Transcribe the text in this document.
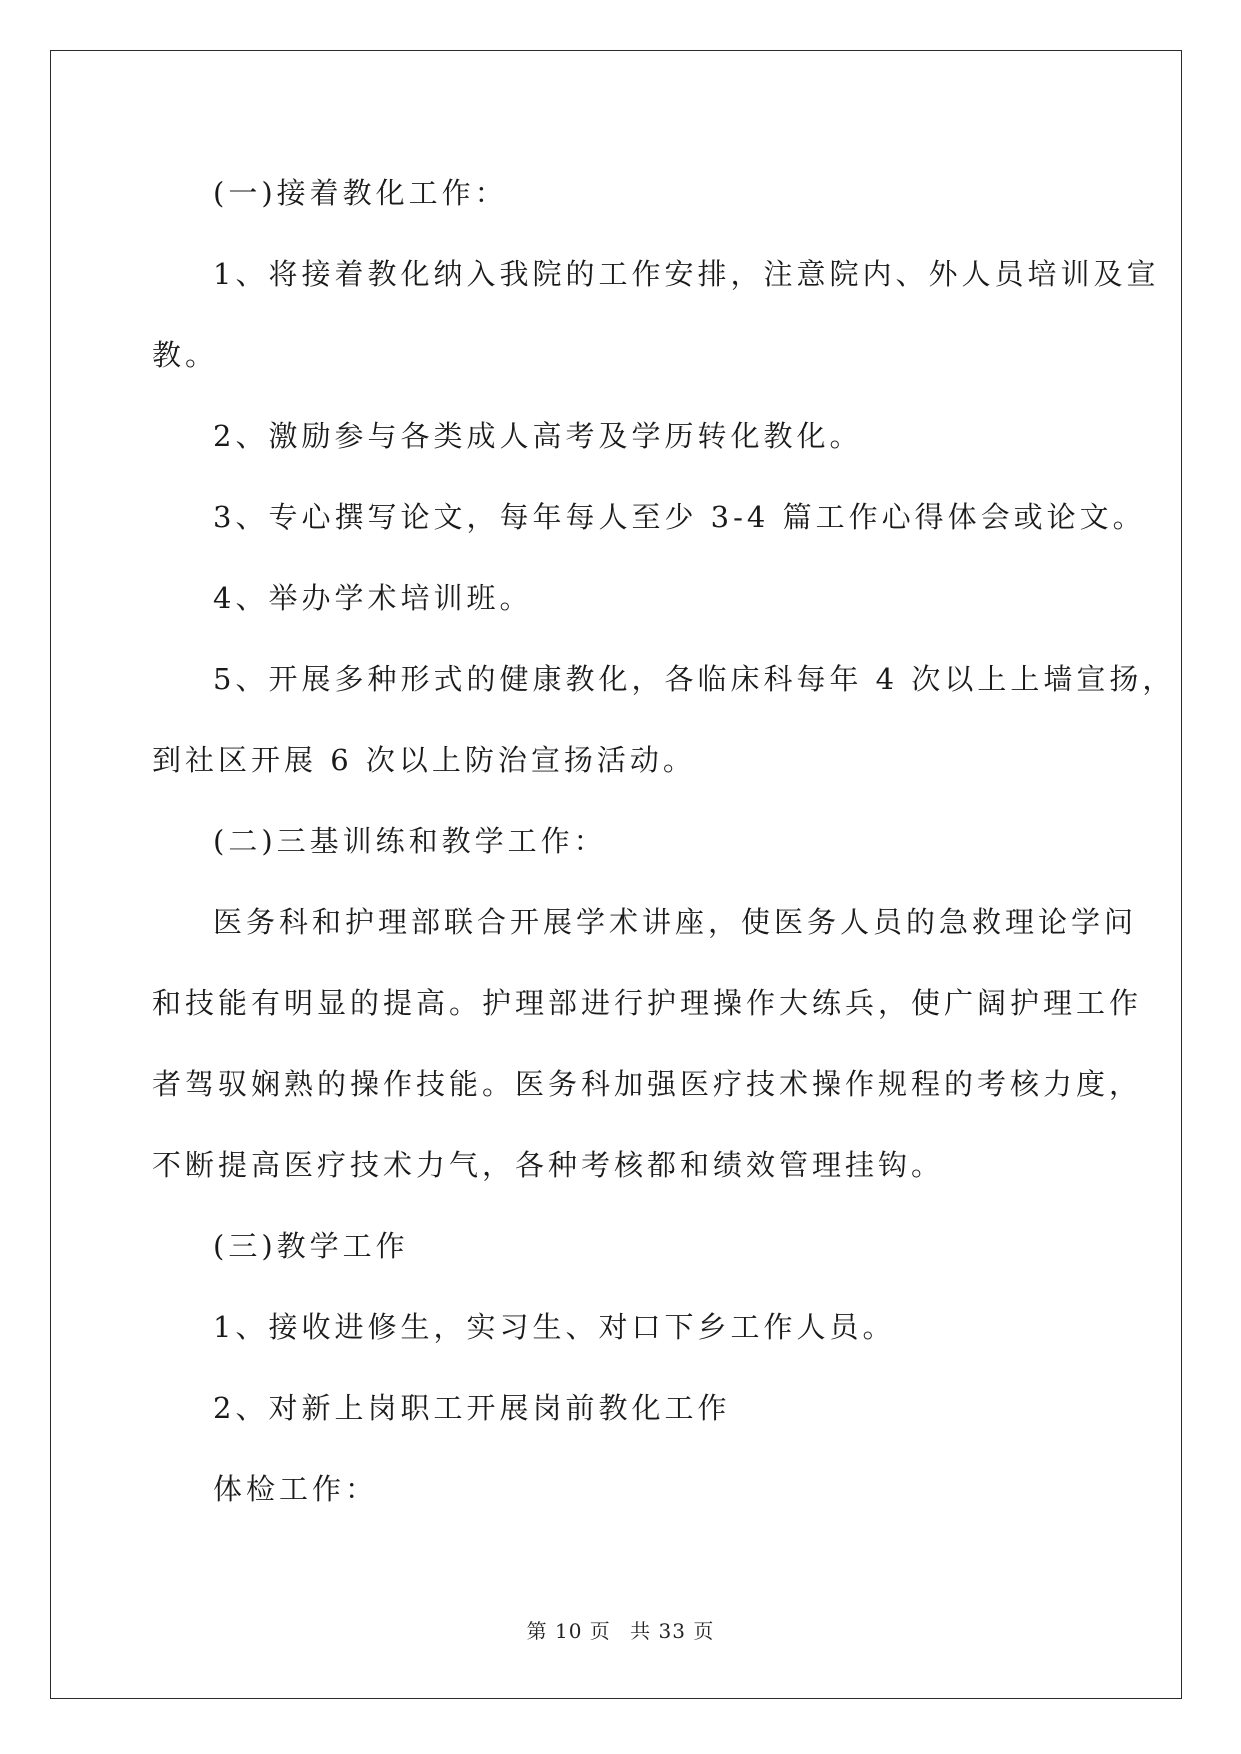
(一)接着教化工作：
1、将接着教化纳入我院的工作安排，注意院内、外人员培训及宣
教。
2、激励参与各类成人高考及学历转化教化。
3、专心撰写论文，每年每人至少 3-4 篇工作心得体会或论文。
4、举办学术培训班。
5、开展多种形式的健康教化，各临床科每年 4 次以上上墙宣扬，
到社区开展 6 次以上防治宣扬活动。
(二)三基训练和教学工作：
医务科和护理部联合开展学术讲座，使医务人员的急救理论学问
和技能有明显的提高。护理部进行护理操作大练兵，使广阔护理工作
者驾驭娴熟的操作技能。医务科加强医疗技术操作规程的考核力度，
不断提高医疗技术力气，各种考核都和绩效管理挂钩。
(三)教学工作
1、接收进修生，实习生、对口下乡工作人员。
2、对新上岗职工开展岗前教化工作
体检工作：
第 10 页 共 33 页
